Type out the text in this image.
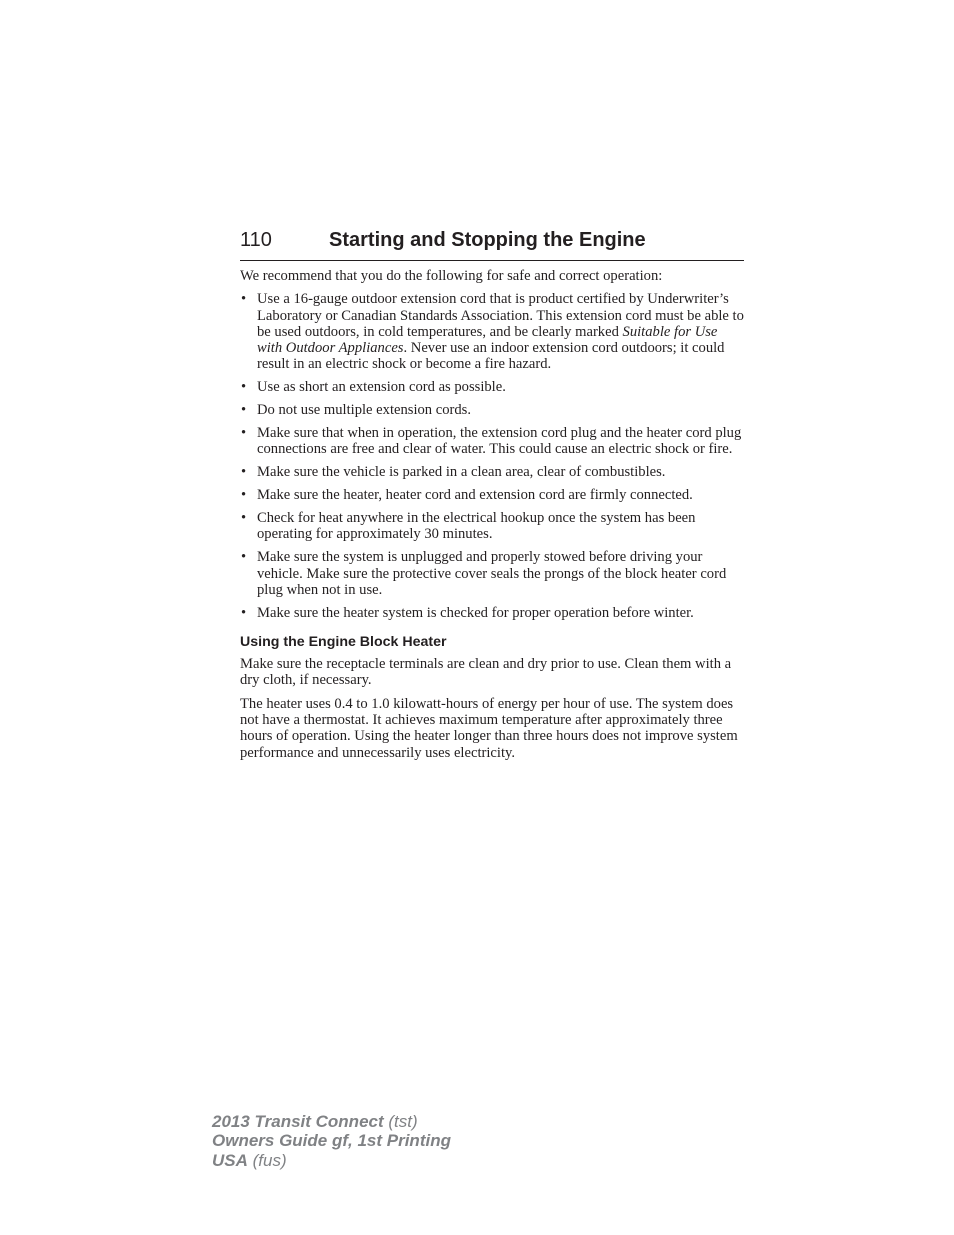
110	Starting and Stopping the Engine

We recommend that you do the following for safe and correct operation:

• Use a 16-gauge outdoor extension cord that is product certified by Underwriter’s Laboratory or Canadian Standards Association. This extension cord must be able to be used outdoors, in cold temperatures, and be clearly marked Suitable for Use with Outdoor Appliances. Never use an indoor extension cord outdoors; it could result in an electric shock or become a fire hazard.
• Use as short an extension cord as possible.
• Do not use multiple extension cords.
• Make sure that when in operation, the extension cord plug and the heater cord plug connections are free and clear of water. This could cause an electric shock or fire.
• Make sure the vehicle is parked in a clean area, clear of combustibles.
• Make sure the heater, heater cord and extension cord are firmly connected.
• Check for heat anywhere in the electrical hookup once the system has been operating for approximately 30 minutes.
• Make sure the system is unplugged and properly stowed before driving your vehicle. Make sure the protective cover seals the prongs of the block heater cord plug when not in use.
• Make sure the heater system is checked for proper operation before winter.
Using the Engine Block Heater

Make sure the receptacle terminals are clean and dry prior to use. Clean them with a dry cloth, if necessary.

The heater uses 0.4 to 1.0 kilowatt-hours of energy per hour of use. The system does not have a thermostat. It achieves maximum temperature after approximately three hours of operation. Using the heater longer than three hours does not improve system performance and unnecessarily uses electricity.

2013 Transit Connect (tst)
Owners Guide gf, 1st Printing
USA (fus)
